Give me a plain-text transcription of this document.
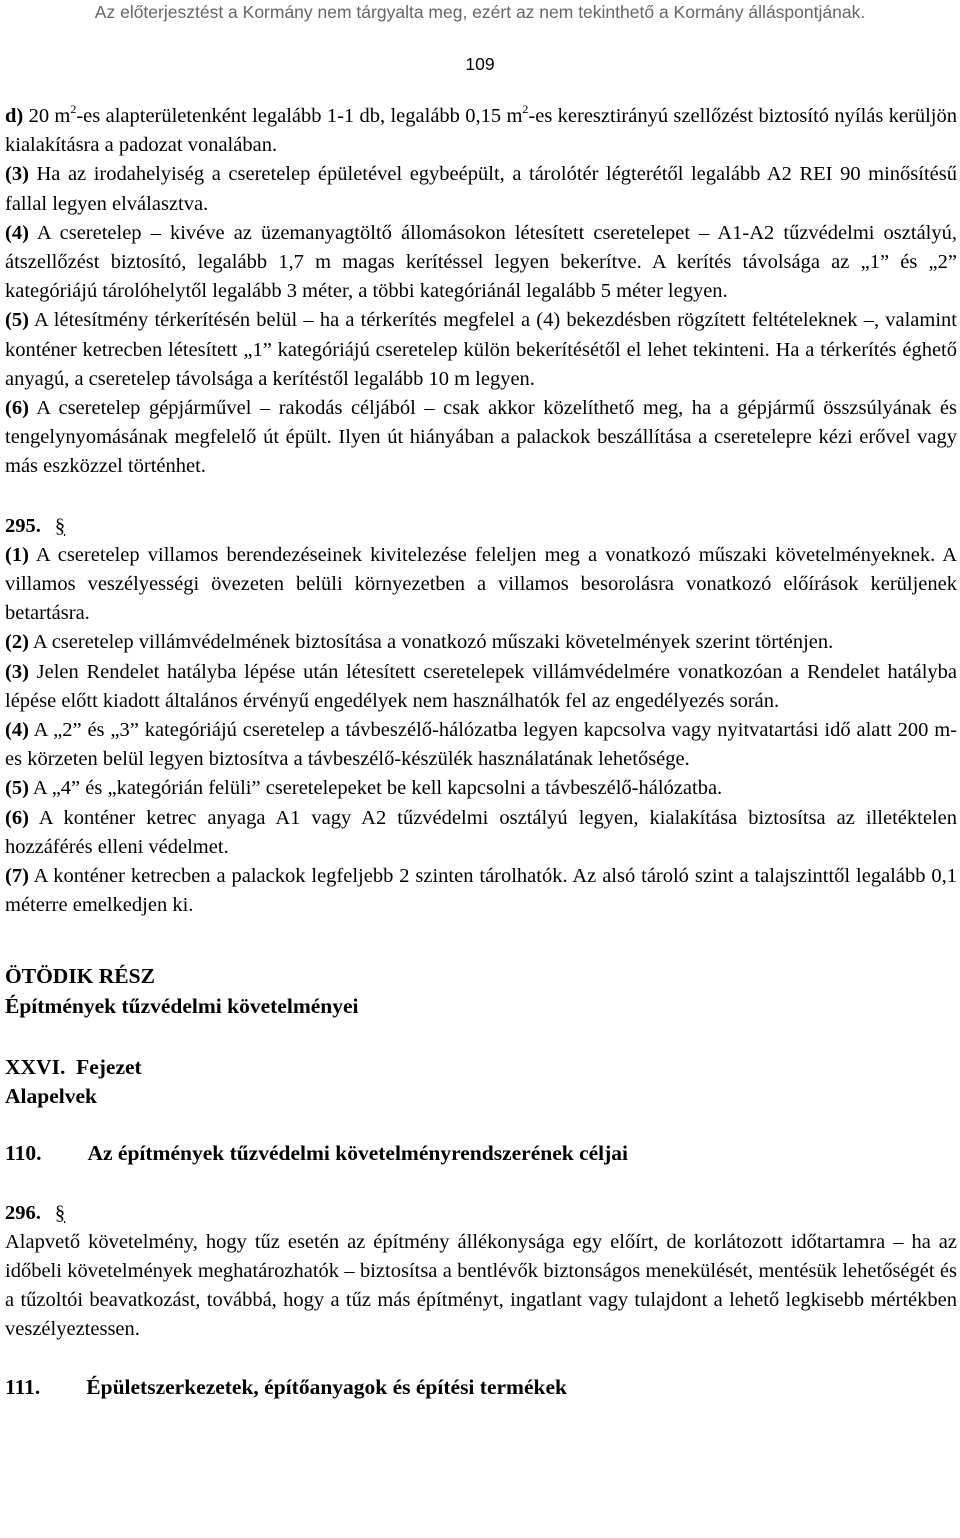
Az előterjesztést a Kormány nem tárgyalta meg, ezért az nem tekinthető a Kormány álláspontjának.
109

d) 20 $m^2-es$ alapterületenként legalább 1-1 db, legalább 0,15 $m^2-es$ keresztirányú szellőzést biztosító nyílás kerüljön kialakításra a padozat vonalában.

(3) Ha az irodahelyiség a cseretelep épületével egybeépült, a tárolótér légterétől legalább A2 REI 90 minősítésű fallal legyen elválasztva.

(4) A cseretelep – kivéve az üzemanyagtöltő állomásokon létesített cseretelepet – A1-A2 tűzvédelmi osztályú, átszellőzést biztosító, legalább 1,7 m magas kerítéssel legyen bekerítve. A kerítés távolsága az „1” és „2” kategóriájú tárolóhelytől legalább 3 méter, a többi kategóriánál legalább 5 méter legyen.

(5) A létesítmény térkerítésén belül – ha a térkerítés megfelel a (4) bekezdésben rögzített feltételeknek –, valamint konténer ketrecben létesített „1” kategóriájú cseretelep külön bekerítésétől el lehet tekinteni. Ha a térkerítés éghető anyagú, a cseretelep távolsága a kerítéstől legalább 10 m legyen.

(6) A cseretelep gépjárművel – rakodás céljából – csak akkor közelíthető meg, ha a gépjármű összsúlyának és tengelynyomásának megfelelő út épült. Ilyen út hiányában a palackok beszállítása a cseretelepre kézi erővel vagy más eszközzel történhet.

295. §

(1) A cseretelep villamos berendezéseinek kivitelezése feleljen meg a vonatkozó műszaki követelményeknek. A villamos veszélyességi övezeten belüli környezetben a villamos besorolásra vonatkozó előírások kerüljenek betartásra.

(2) A cseretelep villámvédelmének biztosítása a vonatkozó műszaki követelmények szerint történjen.

(3) Jelen Rendelet hatályba lépése után létesített cseretelepek villámvédelmére vonatkozóan a Rendelet hatályba lépése előtt kiadott általános érvényű engedélyek nem használhatók fel az engedélyezés során.

(4) A „2” és „3” kategóriájú cseretelep a távbeszélő-hálózatba legyen kapcsolva vagy nyitvatartási idő alatt 200 m-es körzeten belül legyen biztosítva a távbeszélő-készülék használatának lehetősége.

(5) A „4” és „kategórián felüli” cseretelepeket be kell kapcsolni a távbeszélő-hálózatba.

(6) A konténer ketrec anyaga A1 vagy A2 tűzvédelmi osztályú legyen, kialakítása biztosítsa az illetéktelen hozzáférés elleni védelmet.

(7) A konténer ketrecben a palackok legfeljebb 2 szinten tárolhatók. Az alsó tároló szint a talajszinttől legalább 0,1 méterre emelkedjen ki.

ÖTÖDIK RÉSZ

Építmények tűzvédelmi követelményei

XXVI.  Fejezet

Alapelvek

110. Az építmények tűzvédelmi követelményrendszerének céljai

296. §

Alapvető követelmény, hogy tűz esetén az építmény állékonysága egy előírt, de korlátozott időtartamra – ha az időbeli követelmények meghatározhatók – biztosítsa a bentlévők biztonságos menekülését, mentésük lehetőségét és a tűzoltói beavatkozást, továbbá, hogy a tűz más építményt, ingatlant vagy tulajdont a lehető legkisebb mértékben veszélyeztessen.

111. Épületszerkezetek, építőanyagok és építési termékek
